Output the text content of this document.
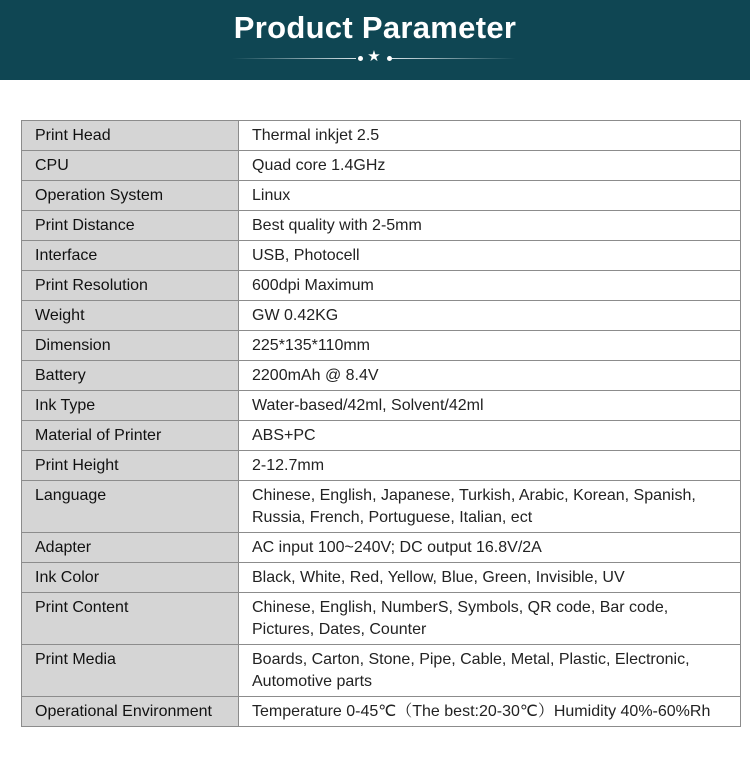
Product Parameter
★
Print Head	Thermal inkjet 2.5
CPU	Quad core 1.4GHz
Operation System	Linux
Print Distance	Best quality with 2-5mm
Interface	USB, Photocell
Print Resolution	600dpi Maximum
Weight	GW 0.42KG
Dimension	225*135*110mm
Battery	2200mAh @ 8.4V
Ink Type	Water-based/42ml, Solvent/42ml
Material of Printer	ABS+PC
Print Height	2-12.7mm
Language	Chinese, English, Japanese, Turkish, Arabic, Korean, Spanish, Russia, French, Portuguese, Italian, ect
Adapter	AC input 100~240V; DC output 16.8V/2A
Ink Color	Black, White, Red, Yellow, Blue, Green, Invisible, UV
Print Content	Chinese, English, NumberS, Symbols, QR code, Bar code, Pictures, Dates, Counter
Print Media	Boards, Carton, Stone, Pipe, Cable, Metal, Plastic, Electronic, Automotive parts
Operational Environment	Temperature 0-45℃（The best:20-30℃）Humidity 40%-60%Rh
